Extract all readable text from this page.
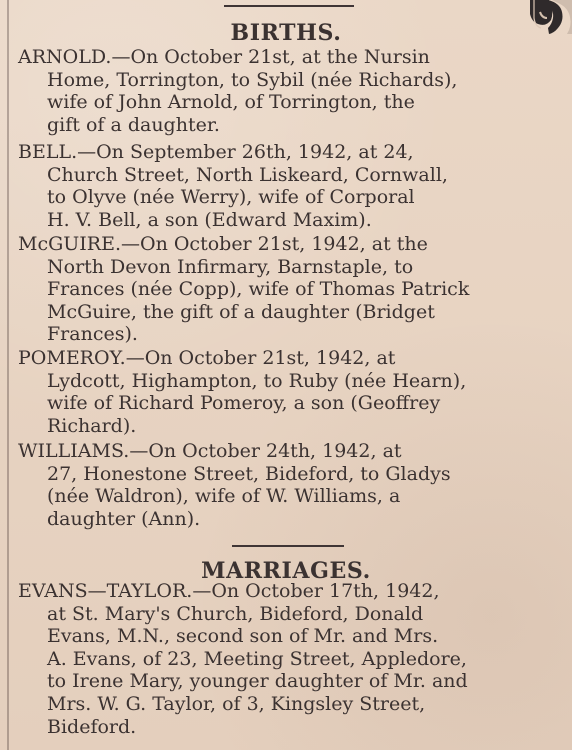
BIRTHS.
ARNOLD.—On October 21st, at the Nursin
Home, Torrington, to Sybil (née Richards),
wife of John Arnold, of Torrington, the
gift of a daughter.
BELL.—On September 26th, 1942, at 24,
Church Street, North Liskeard, Cornwall,
to Olyve (née Werry), wife of Corporal
H. V. Bell, a son (Edward Maxim).
McGUIRE.—On October 21st, 1942, at the
North Devon Infirmary, Barnstaple, to
Frances (née Copp), wife of Thomas Patrick
McGuire, the gift of a daughter (Bridget
Frances).
POMEROY.—On October 21st, 1942, at
Lydcott, Highampton, to Ruby (née Hearn),
wife of Richard Pomeroy, a son (Geoffrey
Richard).
WILLIAMS.—On October 24th, 1942, at
27, Honestone Street, Bideford, to Gladys
(née Waldron), wife of W. Williams, a
daughter (Ann).
MARRIAGES.
EVANS—TAYLOR.—On October 17th, 1942,
at St. Mary's Church, Bideford, Donald
Evans, M.N., second son of Mr. and Mrs.
A. Evans, of 23, Meeting Street, Appledore,
to Irene Mary, younger daughter of Mr. and
Mrs. W. G. Taylor, of 3, Kingsley Street,
Bideford.
